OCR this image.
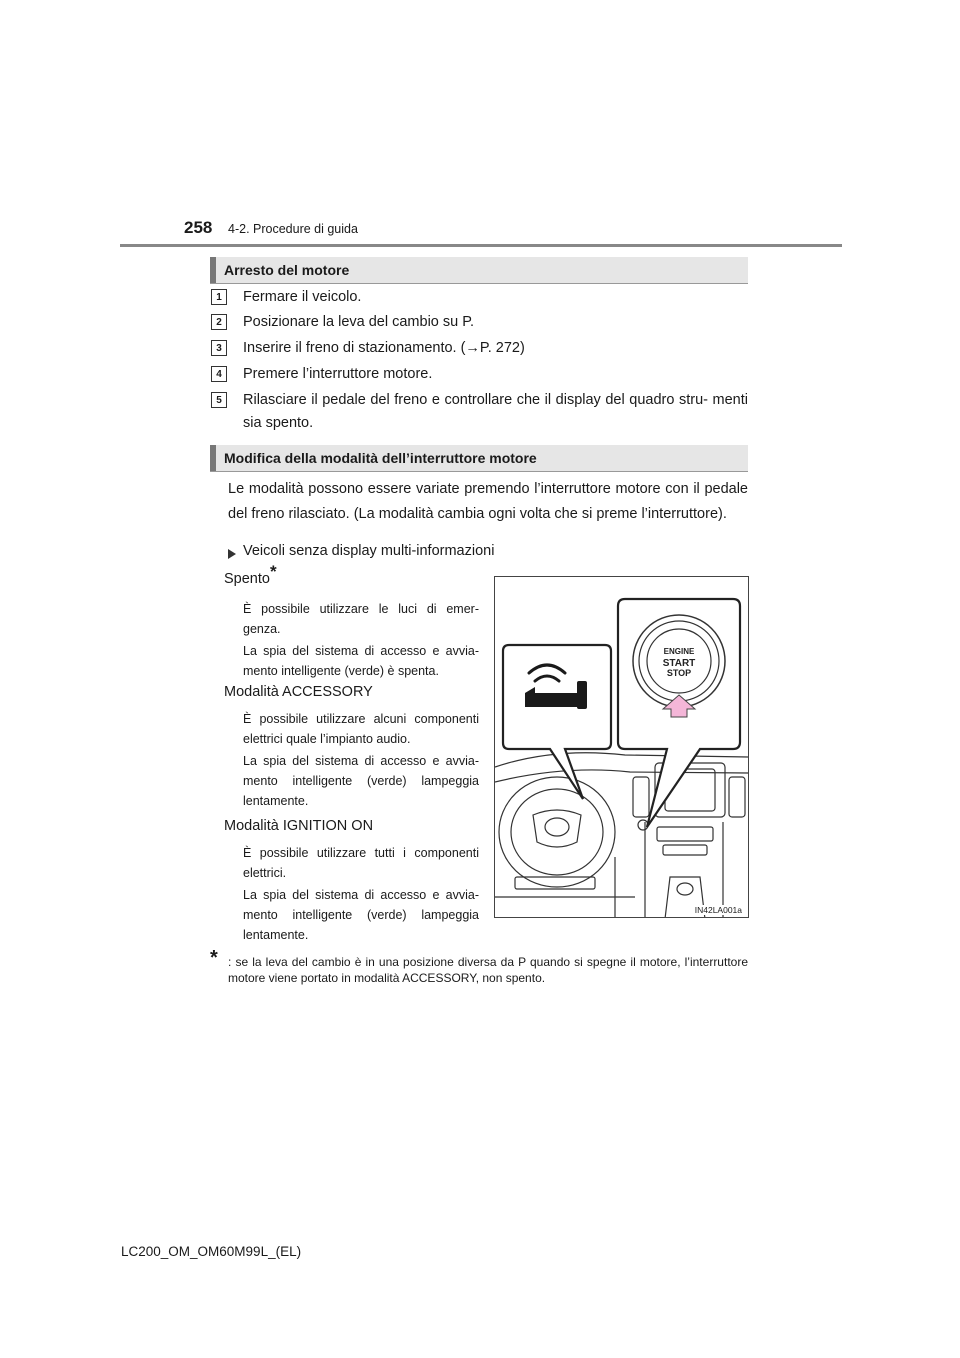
258 4-2. Procedure di guida
Arresto del motore
1	Fermare il veicolo.
2	Posizionare la leva del cambio su P.
3	Inserire il freno di stazionamento. (→P. 272)
4	Premere l’interruttore motore.
5	Rilasciare il pedale del freno e controllare che il display del quadro stru- menti sia spento.
Modifica della modalità dell’interruttore motore
Le modalità possono essere variate premendo l’interruttore motore con il pedale del freno rilasciato. (La modalità cambia ogni volta che si preme l’interruttore).
Veicoli senza display multi-informazioni
Spento*
È possibile utilizzare le luci di emer- genza.
La spia del sistema di accesso e avvia- mento intelligente (verde) è spenta.
Modalità ACCESSORY
È possibile utilizzare alcuni componenti elettrici quale l’impianto audio.
La spia del sistema di accesso e avvia- mento intelligente (verde) lampeggia lentamente.
Modalità IGNITION ON
È possibile utilizzare tutti i componenti elettrici.
La spia del sistema di accesso e avvia- mento intelligente (verde) lampeggia lentamente.
ENGINE
START
STOP
IN42LA001a
* : se la leva del cambio è in una posizione diversa da P quando si spegne il motore, l’interruttore motore viene portato in modalità ACCESSORY, non spento.
LC200_OM_OM60M99L_(EL)
